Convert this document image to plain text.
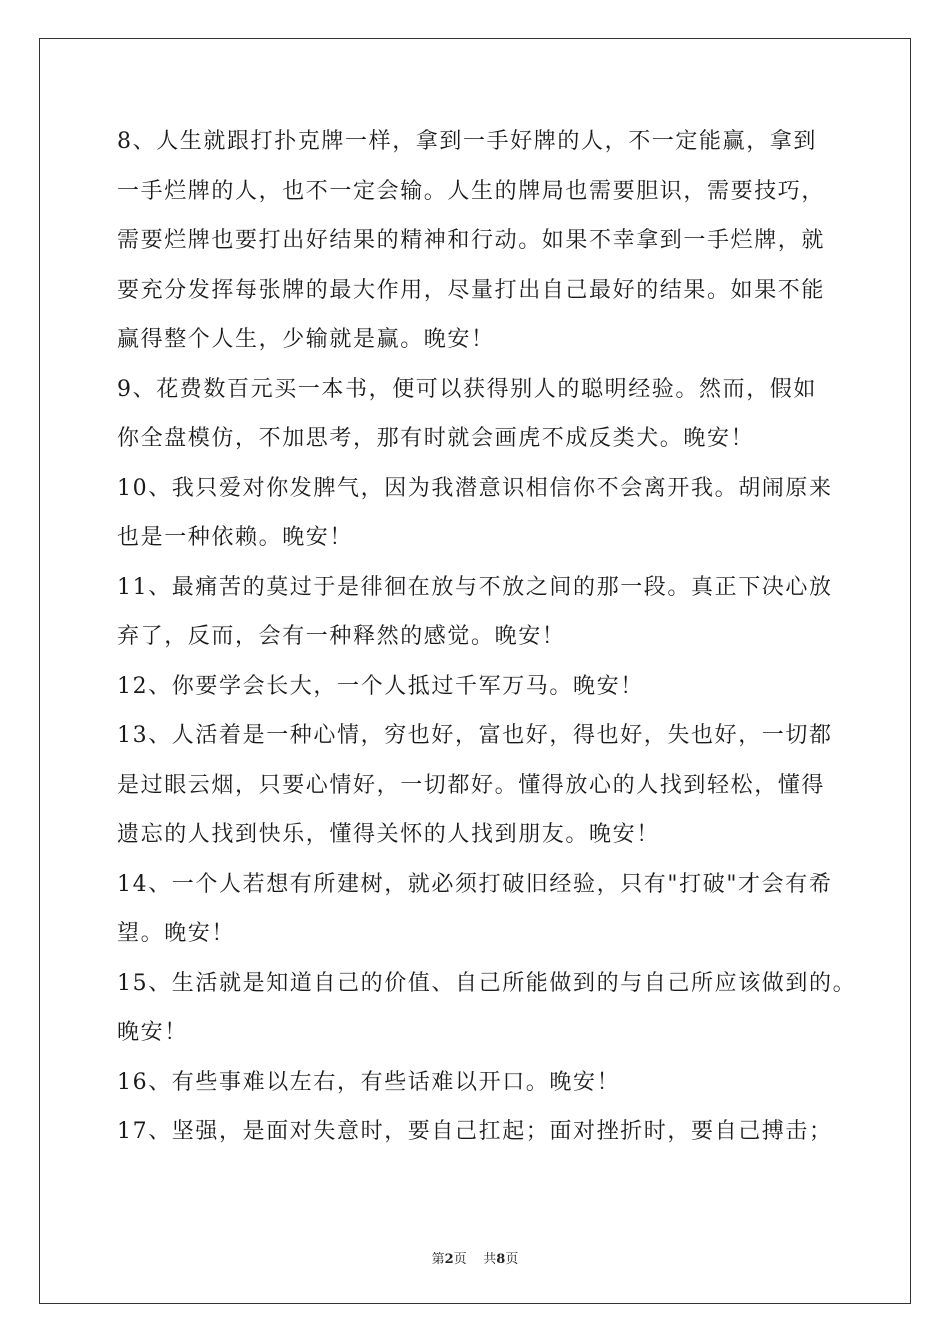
8、人生就跟打扑克牌一样，拿到一手好牌的人，不一定能赢，拿到
一手烂牌的人，也不一定会输。人生的牌局也需要胆识，需要技巧，
需要烂牌也要打出好结果的精神和行动。如果不幸拿到一手烂牌，就
要充分发挥每张牌的最大作用，尽量打出自己最好的结果。如果不能
赢得整个人生，少输就是赢。晚安！
9、花费数百元买一本书，便可以获得别人的聪明经验。然而，假如
你全盘模仿，不加思考，那有时就会画虎不成反类犬。晚安！
10、我只爱对你发脾气，因为我潜意识相信你不会离开我。胡闹原来
也是一种依赖。晚安！
11、最痛苦的莫过于是徘徊在放与不放之间的那一段。真正下决心放
弃了，反而，会有一种释然的感觉。晚安！
12、你要学会长大，一个人抵过千军万马。晚安！
13、人活着是一种心情，穷也好，富也好，得也好，失也好，一切都
是过眼云烟，只要心情好，一切都好。懂得放心的人找到轻松，懂得
遗忘的人找到快乐，懂得关怀的人找到朋友。晚安！
14、一个人若想有所建树，就必须打破旧经验，只有"打破"才会有希
望。晚安！
15、生活就是知道自己的价值、自己所能做到的与自己所应该做到的。
晚安！
16、有些事难以左右，有些话难以开口。晚安！
17、坚强，是面对失意时，要自己扛起；面对挫折时，要自己搏击；
第2页 共8页
